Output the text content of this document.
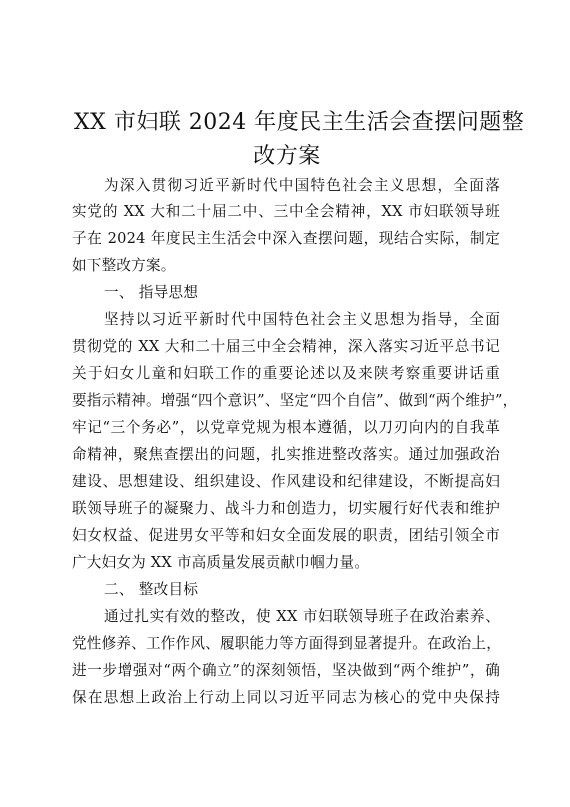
XX 市妇联 2024 年度民主生活会查摆问题整
改方案
为深入贯彻习近平新时代中国特色社会主义思想，全面落
实党的 XX 大和二十届二中、三中全会精神，XX 市妇联领导班
子在 2024 年度民主生活会中深入查摆问题，现结合实际，制定
如下整改方案。
一、 指导思想
坚持以习近平新时代中国特色社会主义思想为指导，全面
贯彻党的 XX 大和二十届三中全会精神，深入落实习近平总书记
关于妇女儿童和妇联工作的重要论述以及来陕考察重要讲话重
要指示精神。增强“四个意识”、坚定“四个自信”、做到“两个维护”，
牢记“三个务必”，以党章党规为根本遵循，以刀刃向内的自我革
命精神，聚焦查摆出的问题，扎实推进整改落实。通过加强政治
建设、思想建设、组织建设、作风建设和纪律建设，不断提高妇
联领导班子的凝聚力、战斗力和创造力，切实履行好代表和维护
妇女权益、促进男女平等和妇女全面发展的职责，团结引领全市
广大妇女为 XX 市高质量发展贡献巾帼力量。
二、 整改目标
通过扎实有效的整改，使 XX 市妇联领导班子在政治素养、
党性修养、工作作风、履职能力等方面得到显著提升。在政治上，
进一步增强对“两个确立”的深刻领悟，坚决做到“两个维护”，确
保在思想上政治上行动上同以习近平同志为核心的党中央保持
